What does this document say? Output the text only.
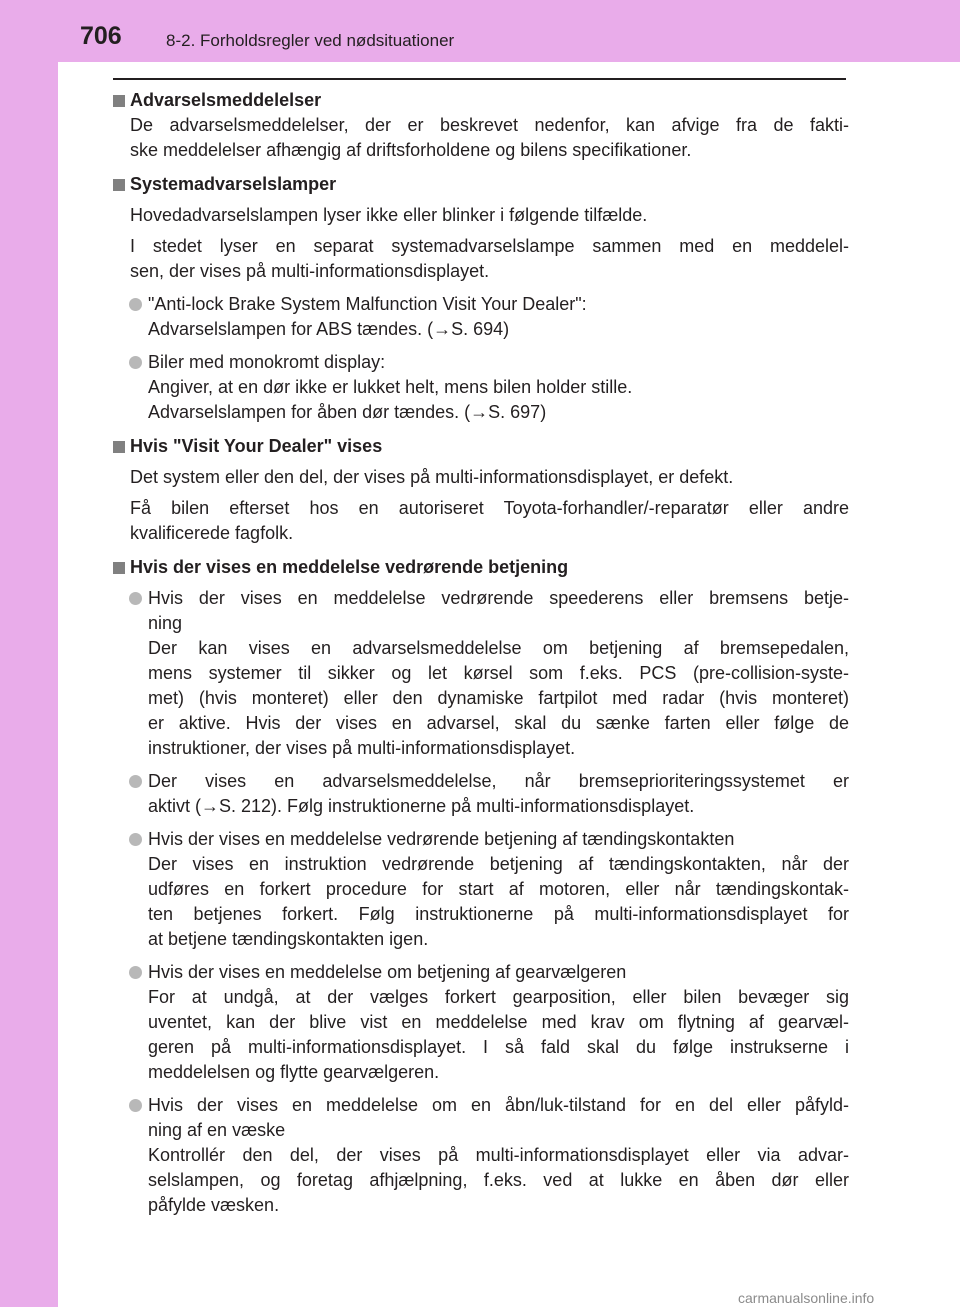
706	8-2. Forholdsregler ved nødsituationer
Advarselsmeddelelser
De advarselsmeddelelser, der er beskrevet nedenfor, kan afvige fra de fakti-
ske meddelelser afhængig af driftsforholdene og bilens specifikationer.
Systemadvarselslamper
Hovedadvarselslampen lyser ikke eller blinker i følgende tilfælde.
I stedet lyser en separat systemadvarselslampe sammen med en meddelel-
sen, der vises på multi-informationsdisplayet.
"Anti-lock Brake System Malfunction Visit Your Dealer":
Advarselslampen for ABS tændes. (→S. 694)
Biler med monokromt display:
Angiver, at en dør ikke er lukket helt, mens bilen holder stille.
Advarselslampen for åben dør tændes. (→S. 697)
Hvis "Visit Your Dealer" vises
Det system eller den del, der vises på multi-informationsdisplayet, er defekt.
Få bilen efterset hos en autoriseret Toyota-forhandler/-reparatør eller andre
kvalificerede fagfolk.
Hvis der vises en meddelelse vedrørende betjening
Hvis der vises en meddelelse vedrørende speederens eller bremsens betje-
ning
Der kan vises en advarselsmeddelelse om betjening af bremsepedalen,
mens systemer til sikker og let kørsel som f.eks. PCS (pre-collision-syste-
met) (hvis monteret) eller den dynamiske fartpilot med radar (hvis monteret)
er aktive. Hvis der vises en advarsel, skal du sænke farten eller følge de
instruktioner, der vises på multi-informationsdisplayet.
Der vises en advarselsmeddelelse, når bremseprioriteringssystemet er
aktivt (→S. 212). Følg instruktionerne på multi-informationsdisplayet.
Hvis der vises en meddelelse vedrørende betjening af tændingskontakten
Der vises en instruktion vedrørende betjening af tændingskontakten, når der
udføres en forkert procedure for start af motoren, eller når tændingskontak-
ten betjenes forkert. Følg instruktionerne på multi-informationsdisplayet for
at betjene tændingskontakten igen.
Hvis der vises en meddelelse om betjening af gearvælgeren
For at undgå, at der vælges forkert gearposition, eller bilen bevæger sig
uventet, kan der blive vist en meddelelse med krav om flytning af gearvæl-
geren på multi-informationsdisplayet. I så fald skal du følge instrukserne i
meddelelsen og flytte gearvælgeren.
Hvis der vises en meddelelse om en åbn/luk-tilstand for en del eller påfyld-
ning af en væske
Kontrollér den del, der vises på multi-informationsdisplayet eller via advar-
selslampen, og foretag afhjælpning, f.eks. ved at lukke en åben dør eller
påfylde væsken.
carmanualsonline.info
